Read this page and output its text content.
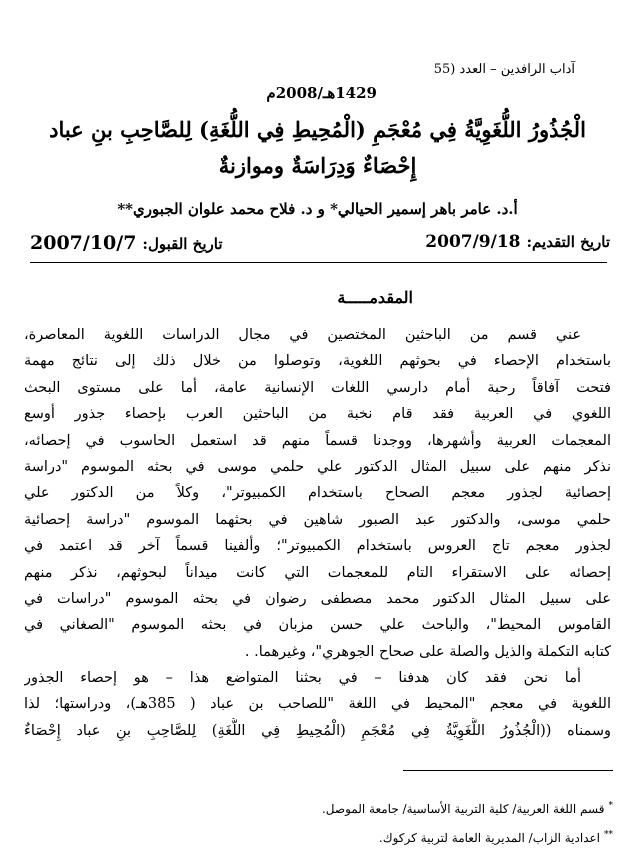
آداب الرافدين – العدد (55
1429هـ/2008م
الْجُذُورُ اللُّغَوِيَّةُ فِي مُعْجَمِ (الْمُحِيطِ فِي اللُّغَةِ) لِلصَّاحِبِ بنِ عباد
إِحْصَاءٌ وَدِرَاسَةٌ وموازنةٌ
أ.د. عامر باهر إسمير الحيالي* و د. فلاح محمد علوان الجبوري**
تاريخ التقديم:
2007/9/18
تاريخ القبول:
2007/10/7
المقدمـــــة
عني قسم من الباحثين المختصين في مجال الدراسات اللغوية المعاصرة،
باستخدام الإحصاء في بحوثهم اللغوية، وتوصلوا من خلال ذلك إلى نتائج مهمة
فتحت آفاقاً رحبة أمام دارسي اللغات الإنسانية عامة، أما على مستوى البحث
اللغوي في العربية فقد قام نخبة من الباحثين العرب بإحصاء جذور أوسع
المعجمات العربية وأشهرها، ووجدنا قسماً منهم قد استعمل الحاسوب في إحصائه،
نذكر منهم على سبيل المثال الدكتور علي حلمي موسى في بحثه الموسوم "دراسة
إحصائية لجذور معجم الصحاح باستخدام الكمبيوتر"، وكلاً من الدكتور علي
حلمي موسى، والدكتور عبد الصبور شاهين في بحثهما الموسوم "دراسة إحصائية
لجذور معجم تاج العروس باستخدام الكمبيوتر"؛ وألفينا قسماً آخر قد اعتمد في
إحصائه على الاستقراء التام للمعجمات التي كانت ميداناً لبحوثهم، نذكر منهم
على سبيل المثال الدكتور محمد مصطفى رضوان في بحثه الموسوم "دراسات في
القاموس المحيط"، والباحث علي حسن مزبان في بحثه الموسوم "الصغاني في
كتابه التكملة والذيل والصلة على صحاح الجوهري"، وغيرهما. .
أما نحن فقد كان هدفنا – في بحثنا المتواضع هذا – هو إحصاء الجذور
اللغوية في معجم "المحيط في اللغة "للصاحب بن عباد ( 385هـ)، ودراستها؛ لذا
وسمناه ((الْجُذُورُ اللُّغَوِيَّةُ فِي مُعْجَمِ (الْمُحِيطِ فِي اللُّغَةِ) لِلصَّاحِبِ بنِ عباد إِحْصَاءٌ
*قسم اللغة العربية/ كلية التربية الأساسية/ جامعة الموصل.
**اعدادية الزاب/ المديرية العامة لتربية كركوك.
